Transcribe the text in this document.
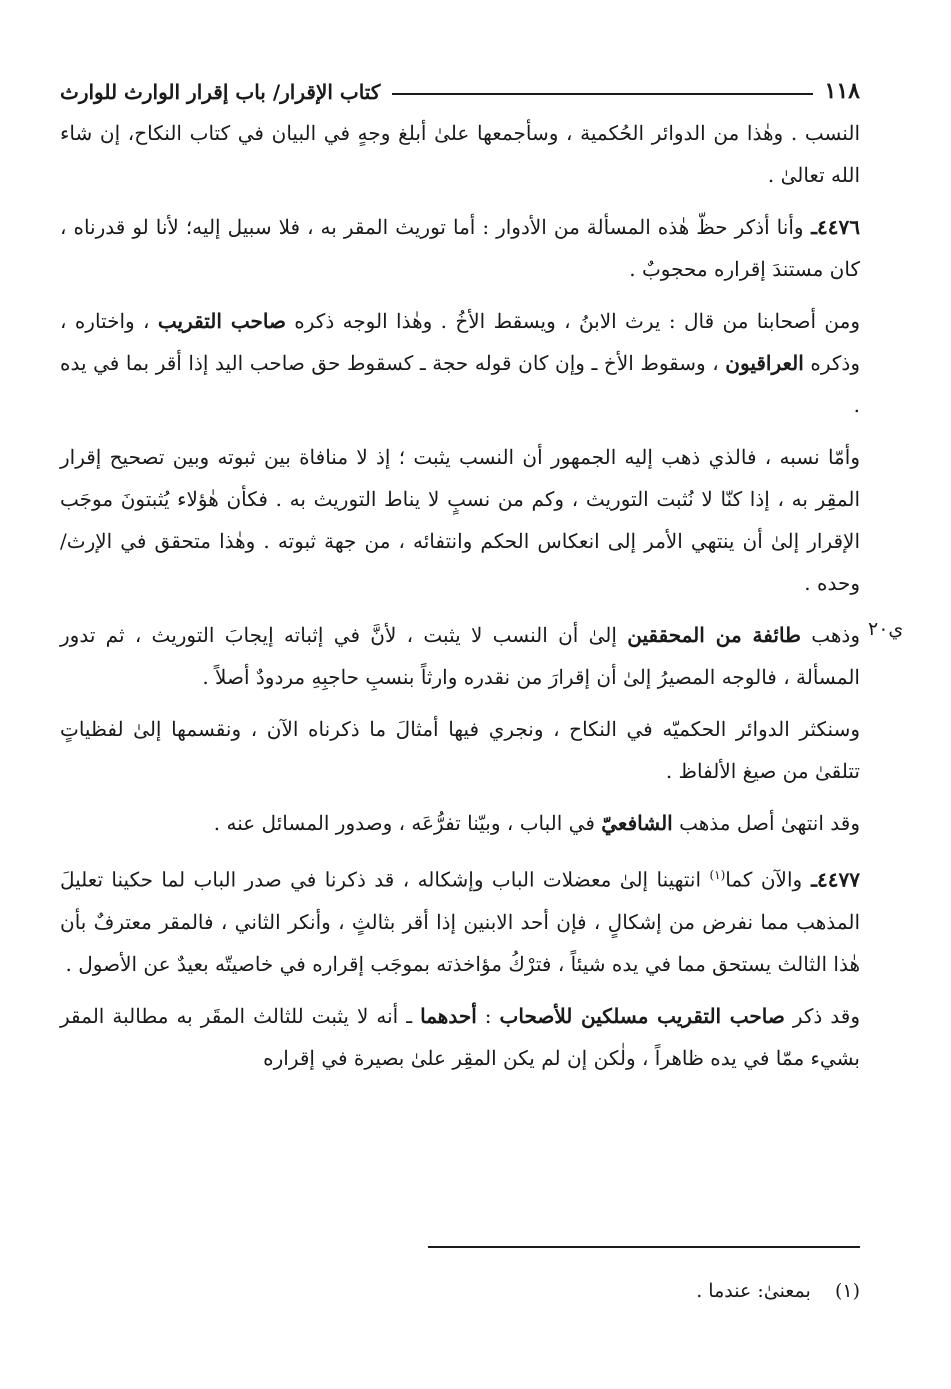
١١٨
كتاب الإقرار/ باب إقرار الوارث للوارث

النسب . وهٰذا من الدوائر الحُكمية ، وسأجمعها علىٰ أبلغ وجهٍ في البيان في كتاب النكاح، إن شاء الله تعالىٰ .

٤٤٧٦ـ وأنا أذكر حظّ هٰذه المسألة من الأدوار : أما توريث المقر به ، فلا سبيل إليه؛ لأنا لو قدرناه ، كان مستندَ إقراره محجوبٌ .

ومن أصحابنا من قال : يرث الابنُ ، ويسقط الأخُ . وهٰذا الوجه ذكره صاحب التقريب ، واختاره ، وذكره العراقيون ، وسقوط الأخ ـ وإن كان قوله حجة ـ كسقوط حق صاحب اليد إذا أقر بما في يده .

وأمّا نسبه ، فالذي ذهب إليه الجمهور أن النسب يثبت ؛ إذ لا منافاة بين ثبوته وبين تصحيح إقرار المقِر به ، إذا كنّا لا نُثبت التوريث ، وكم من نسبٍ لا يناط التوريث به . فكأن هٰؤلاء يُثبتونَ موجَب الإقرار إلىٰ أن ينتهي الأمر إلى انعكاس الحكم وانتفائه ، من جهة ثبوته . وهٰذا متحقق في الإرث/ وحده .

وذهب طائفة من المحققين إلىٰ أن النسب لا يثبت ، لأنَّ في إثباته إيجابَ التوريث ، ثم تدور المسألة ، فالوجه المصيرُ إلىٰ أن إقرارَ من نقدره وارثاً بنسبِ حاجبِهِ مردودٌ أصلاً .

وسنكثر الدوائر الحكميّه في النكاح ، ونجري فيها أمثالَ ما ذكرناه الآن ، ونقسمها إلىٰ لفظياتٍ تتلقىٰ من صيغ الألفاظ .

وقد انتهىٰ أصل مذهب الشافعيّ في الباب ، وبيّنا تفرُّعَه ، وصدور المسائل عنه .

٤٤٧٧ـ والآن كما$^{(١)}$ انتهينا إلىٰ معضلات الباب وإشكاله ، قد ذكرنا في صدر الباب لما حكينا تعليلَ المذهب مما نفرض من إشكالٍ ، فإن أحد الابنين إذا أقر بثالثٍ ، وأنكر الثاني ، فالمقر معترفٌ بأن هٰذا الثالث يستحق مما في يده شيئاً ، فترْكُ مؤاخذته بموجَب إقراره في خاصيتّه بعيدٌ عن الأصول .

وقد ذكر صاحب التقريب مسلكين للأصحاب : أحدهما ـ أنه لا يثبت للثالث المقَر به مطالبة المقر بشيء ممّا في يده ظاهراً ، ولٰكن إن لم يكن المقِر علىٰ بصيرة في إقراره

ي٢٠
(١)    بمعنىٰ: عندما .
